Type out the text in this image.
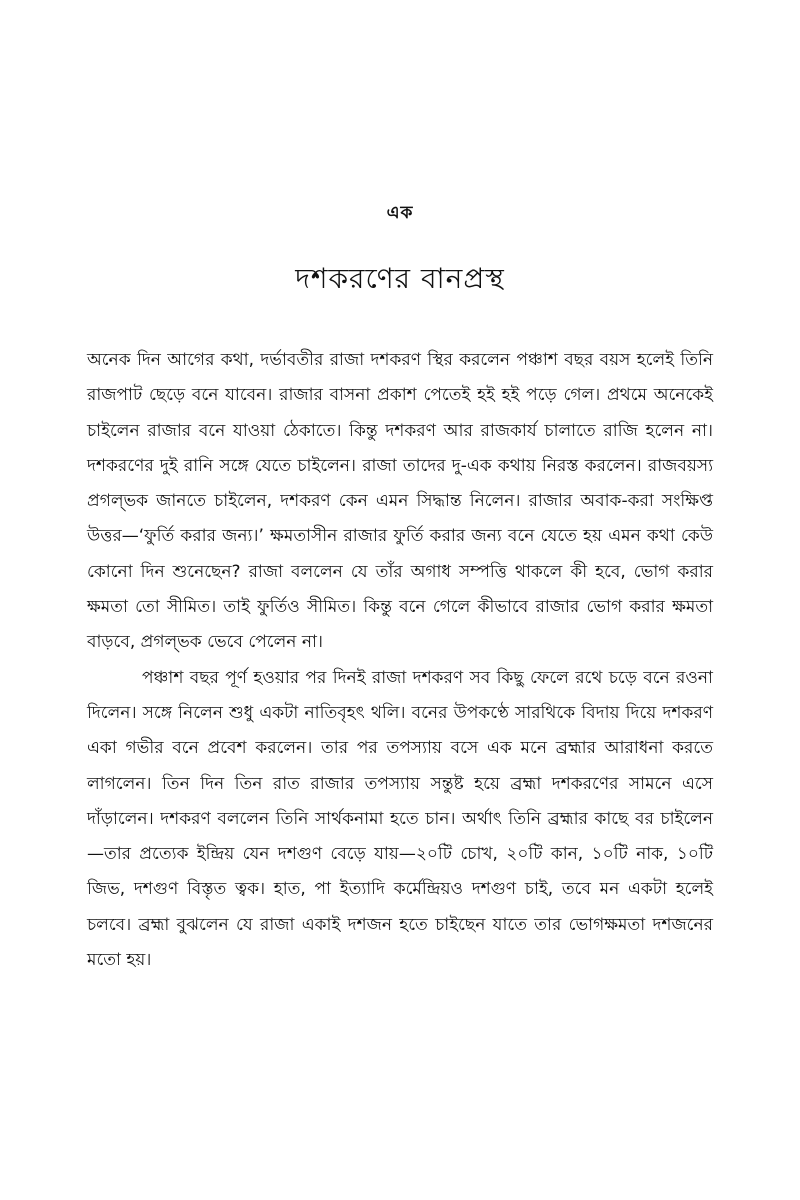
এক
দশকরণের বানপ্রস্থ

অনেক দিন আগের কথা, দর্ভাবতীর রাজা দশকরণ স্থির করলেন পঞ্চাশ বছর বয়স হলেই তিনি রাজপাট ছেড়ে বনে যাবেন। রাজার বাসনা প্রকাশ পেতেই হই হই পড়ে গেল। প্রথমে অনেকেই চাইলেন রাজার বনে যাওয়া ঠেকাতে। কিন্তু দশকরণ আর রাজকার্য চালাতে রাজি হলেন না। দশকরণের দুই রানি সঙ্গে যেতে চাইলেন। রাজা তাদের দু-এক কথায় নিরস্ত করলেন। রাজবয়স্য প্রগল্‌ভক জানতে চাইলেন, দশকরণ কেন এমন সিদ্ধান্ত নিলেন। রাজার অবাক-করা সংক্ষিপ্ত উত্তর—‘ফুর্তি করার জন্য।’ ক্ষমতাসীন রাজার ফুর্তি করার জন্য বনে যেতে হয় এমন কথা কেউ কোনো দিন শুনেছেন? রাজা বললেন যে তাঁর অগাধ সম্পত্তি থাকলে কী হবে, ভোগ করার ক্ষমতা তো সীমিত। তাই ফুর্তিও সীমিত। কিন্তু বনে গেলে কীভাবে রাজার ভোগ করার ক্ষমতা বাড়বে, প্রগল্‌ভক ভেবে পেলেন না।

পঞ্চাশ বছর পূর্ণ হওয়ার পর দিনই রাজা দশকরণ সব কিছু ফেলে রথে চড়ে বনে রওনা দিলেন। সঙ্গে নিলেন শুধু একটা নাতিবৃহৎ থলি। বনের উপকণ্ঠে সারথিকে বিদায় দিয়ে দশকরণ একা গভীর বনে প্রবেশ করলেন। তার পর তপস্যায় বসে এক মনে ব্রহ্মার আরাধনা করতে লাগলেন। তিন দিন তিন রাত রাজার তপস্যায় সন্তুষ্ট হয়ে ব্রহ্মা দশকরণের সামনে এসে দাঁড়ালেন। দশকরণ বললেন তিনি সার্থকনামা হতে চান। অর্থাৎ তিনি ব্রহ্মার কাছে বর চাইলেন—তার প্রত্যেক ইন্দ্রিয় যেন দশগুণ বেড়ে যায়—২০টি চোখ, ২০টি কান, ১০টি নাক, ১০টি জিভ, দশগুণ বিস্তৃত ত্বক। হাত, পা ইত্যাদি কর্মেন্দ্রিয়ও দশগুণ চাই, তবে মন একটা হলেই চলবে। ব্রহ্মা বুঝলেন যে রাজা একাই দশজন হতে চাইছেন যাতে তার ভোগক্ষমতা দশজনের মতো হয়।
